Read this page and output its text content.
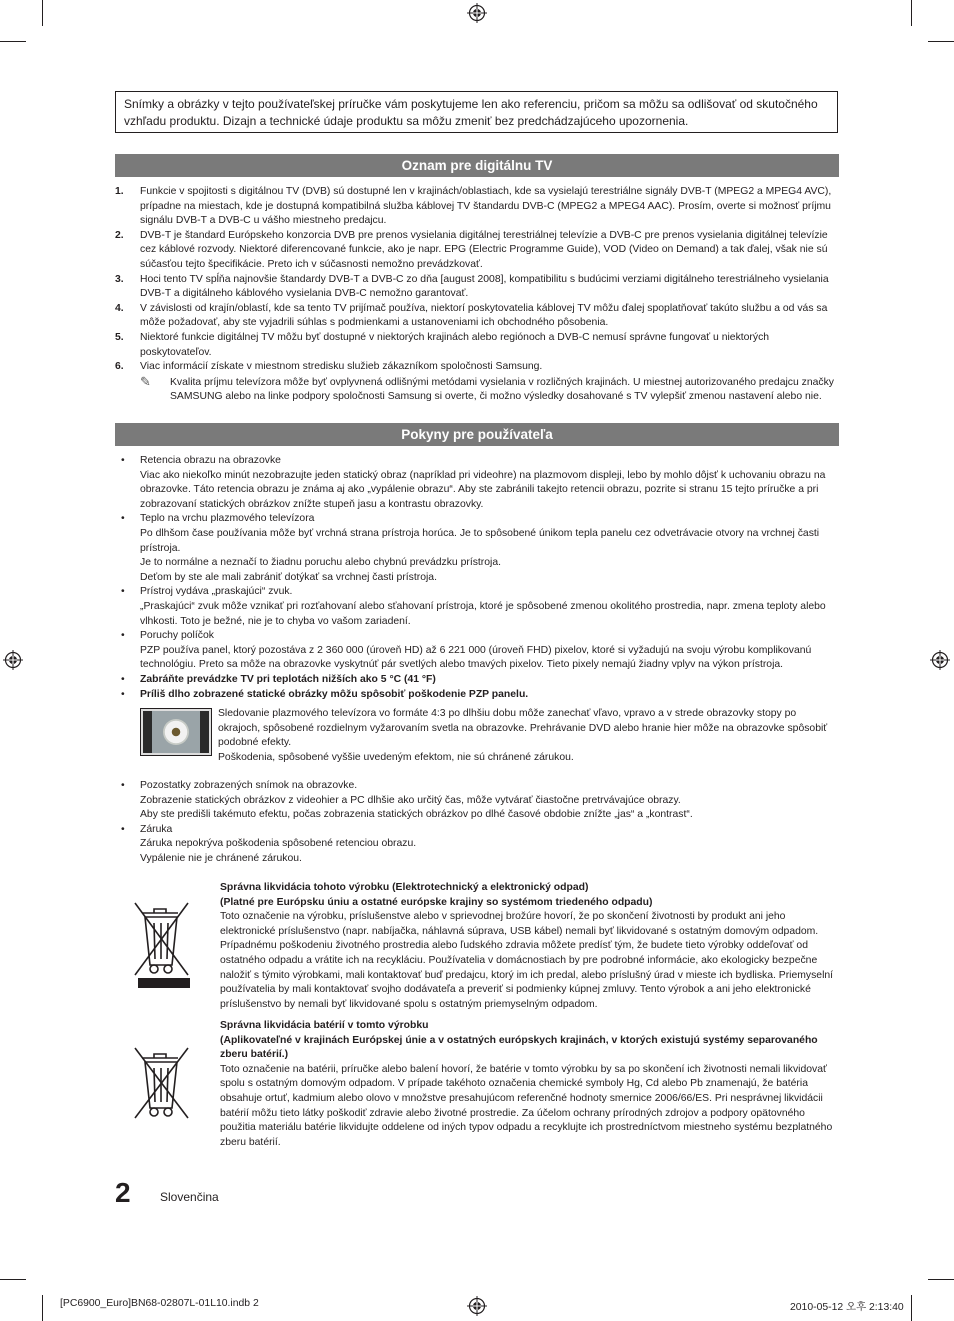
Snímky a obrázky v tejto používateľskej príručke vám poskytujeme len ako referenciu, pričom sa môžu sa odlišovať od skutočného vzhľadu produktu. Dizajn a technické údaje produktu sa môžu zmeniť bez predchádzajúceho upozornenia.
Oznam pre digitálnu TV
1. Funkcie v spojitosti s digitálnou TV (DVB) sú dostupné len v krajinách/oblastiach, kde sa vysielajú terestriálne signály DVB-T (MPEG2 a MPEG4 AVC), prípadne na miestach, kde je dostupná kompatibilná služba káblovej TV štandardu DVB-C (MPEG2 a MPEG4 AAC). Prosím, overte si možnosť príjmu signálu DVB-T a DVB-C u vášho miestneho predajcu.
2. DVB-T je štandard Európskeho konzorcia DVB pre prenos vysielania digitálnej terestriálnej televízie a DVB-C pre prenos vysielania digitálnej televízie cez káblové rozvody. Niektoré diferencované funkcie, ako je napr. EPG (Electric Programme Guide), VOD (Video on Demand) a tak ďalej, však nie sú súčasťou tejto špecifikácie. Preto ich v súčasnosti nemožno prevádzkovať.
3. Hoci tento TV spĺňa najnovšie štandardy DVB-T a DVB-C zo dňa [august 2008], kompatibilitu s budúcimi verziami digitálneho terestriálneho vysielania DVB-T a digitálneho káblového vysielania DVB-C nemožno garantovať.
4. V závislosti od krajín/oblastí, kde sa tento TV prijímač používa, niektorí poskytovatelia káblovej TV môžu ďalej spoplatňovať takúto službu a od vás sa môže požadovať, aby ste vyjadrili súhlas s podmienkami a ustanoveniami ich obchodného pôsobenia.
5. Niektoré funkcie digitálnej TV môžu byť dostupné v niektorých krajinách alebo regiónoch a DVB-C nemusí správne fungovať u niektorých poskytovateľov.
6. Viac informácií získate v miestnom stredisku služieb zákazníkom spoločnosti Samsung.
✎ Kvalita príjmu televízora môže byť ovplyvnená odlišnými metódami vysielania v rozličných krajinách. U miestnej autorizovaného predajcu značky SAMSUNG alebo na linke podpory spoločnosti Samsung si overte, či možno výsledky dosahované s TV vylepšiť zmenou nastavení alebo nie.
Pokyny pre používateľa
• Retencia obrazu na obrazovke
Viac ako niekoľko minút nezobrazujte jeden statický obraz (napríklad pri videohre) na plazmovom displeji, lebo by mohlo dôjsť k uchovaniu obrazu na obrazovke. Táto retencia obrazu je známa aj ako „vypálenie obrazu“. Aby ste zabránili takejto retencii obrazu, pozrite si stranu 15 tejto príručke a pri zobrazovaní statických obrázkov znížte stupeň jasu a kontrastu obrazovky.
• Teplo na vrchu plazmového televízora
Po dlhšom čase používania môže byť vrchná strana prístroja horúca. Je to spôsobené únikom tepla panelu cez odvetrávacie otvory na vrchnej časti prístroja.
Je to normálne a neznačí to žiadnu poruchu alebo chybnú prevádzku prístroja.
Deťom by ste ale mali zabrániť dotýkať sa vrchnej časti prístroja.
• Prístroj vydáva „praskajúci“ zvuk.
„Praskajúci“ zvuk môže vznikať pri rozťahovaní alebo sťahovaní prístroja, ktoré je spôsobené zmenou okolitého prostredia, napr. zmena teploty alebo vlhkosti. Toto je bežné, nie je to chyba vo vašom zariadení.
• Poruchy políčok
PZP používa panel, ktorý pozostáva z 2 360 000 (úroveň HD) až 6 221 000 (úroveň FHD) pixelov, ktoré si vyžadujú na svoju výrobu komplikovanú technológiu. Preto sa môže na obrazovke vyskytnúť pár svetlých alebo tmavých pixelov. Tieto pixely nemajú žiadny vplyv na výkon prístroja.
• Zabráňte prevádzke TV pri teplotách nižších ako 5 °C (41 °F)
• Príliš dlho zobrazené statické obrázky môžu spôsobiť poškodenie PZP panelu.
Sledovanie plazmového televízora vo formáte 4:3 po dlhšiu dobu môže zanechať vľavo, vpravo a v strede obrazovky stopy po okrajoch, spôsobené rozdielnym vyžarovaním svetla na obrazovke. Prehrávanie DVD alebo hranie hier môže na obrazovke spôsobiť podobné efekty.
Poškodenia, spôsobené vyššie uvedeným efektom, nie sú chránené zárukou.
• Pozostatky zobrazených snímok na obrazovke.
Zobrazenie statických obrázkov z videohier a PC dlhšie ako určitý čas, môže vytvárať čiastočne pretrvávajúce obrazy.
Aby ste predišli takémuto efektu, počas zobrazenia statických obrázkov po dlhé časové obdobie znížte „jas“ a „kontrast“.
• Záruka
Záruka nepokrýva poškodenia spôsobené retenciou obrazu.
Vypálenie nie je chránené zárukou.
Správna likvidácia tohoto výrobku (Elektrotechnický a elektronický odpad)
(Platné pre Európsku úniu a ostatné európske krajiny so systémom triedeného odpadu)
Toto označenie na výrobku, príslušenstve alebo v sprievodnej brožúre hovorí, že po skončení životnosti by produkt ani jeho elektronické príslušenstvo (napr. nabíjačka, náhlavná súprava, USB kábel) nemali byť likvidované s ostatným domovým odpadom. Prípadnému poškodeniu životného prostredia alebo ľudského zdravia môžete predísť tým, že budete tieto výrobky oddeľovať od ostatného odpadu a vrátite ich na recykláciu. Používatelia v domácnostiach by pre podrobné informácie, ako ekologicky bezpečne naložiť s týmito výrobkami, mali kontaktovať buď predajcu, ktorý im ich predal, alebo príslušný úrad v mieste ich bydliska. Priemyselní používatelia by mali kontaktovať svojho dodávateľa a preveriť si podmienky kúpnej zmluvy. Tento výrobok a ani jeho elektronické príslušenstvo by nemali byť likvidované spolu s ostatným priemyselným odpadom.
Správna likvidácia batérií v tomto výrobku
(Aplikovateľné v krajinách Európskej únie a v ostatných európskych krajinách, v ktorých existujú systémy separovaného zberu batérií.)
Toto označenie na batérii, príručke alebo balení hovorí, že batérie v tomto výrobku by sa po skončení ich životnosti nemali likvidovať spolu s ostatným domovým odpadom. V prípade takéhoto označenia chemické symboly Hg, Cd alebo Pb znamenajú, že batéria obsahuje ortuť, kadmium alebo olovo v množstve presahujúcom referenčné hodnoty smernice 2006/66/ES. Pri nesprávnej likvidácii batérií môžu tieto látky poškodiť zdravie alebo životné prostredie. Za účelom ochrany prírodných zdrojov a podpory opätovného použitia materiálu batérie likvidujte oddelene od iných typov odpadu a recyklujte ich prostredníctvom miestneho systému bezplatného zberu batérií.
2 Slovenčina
[PC6900_Euro]BN68-02807L-01L10.indb 2	2010-05-12 오후 2:13:40
